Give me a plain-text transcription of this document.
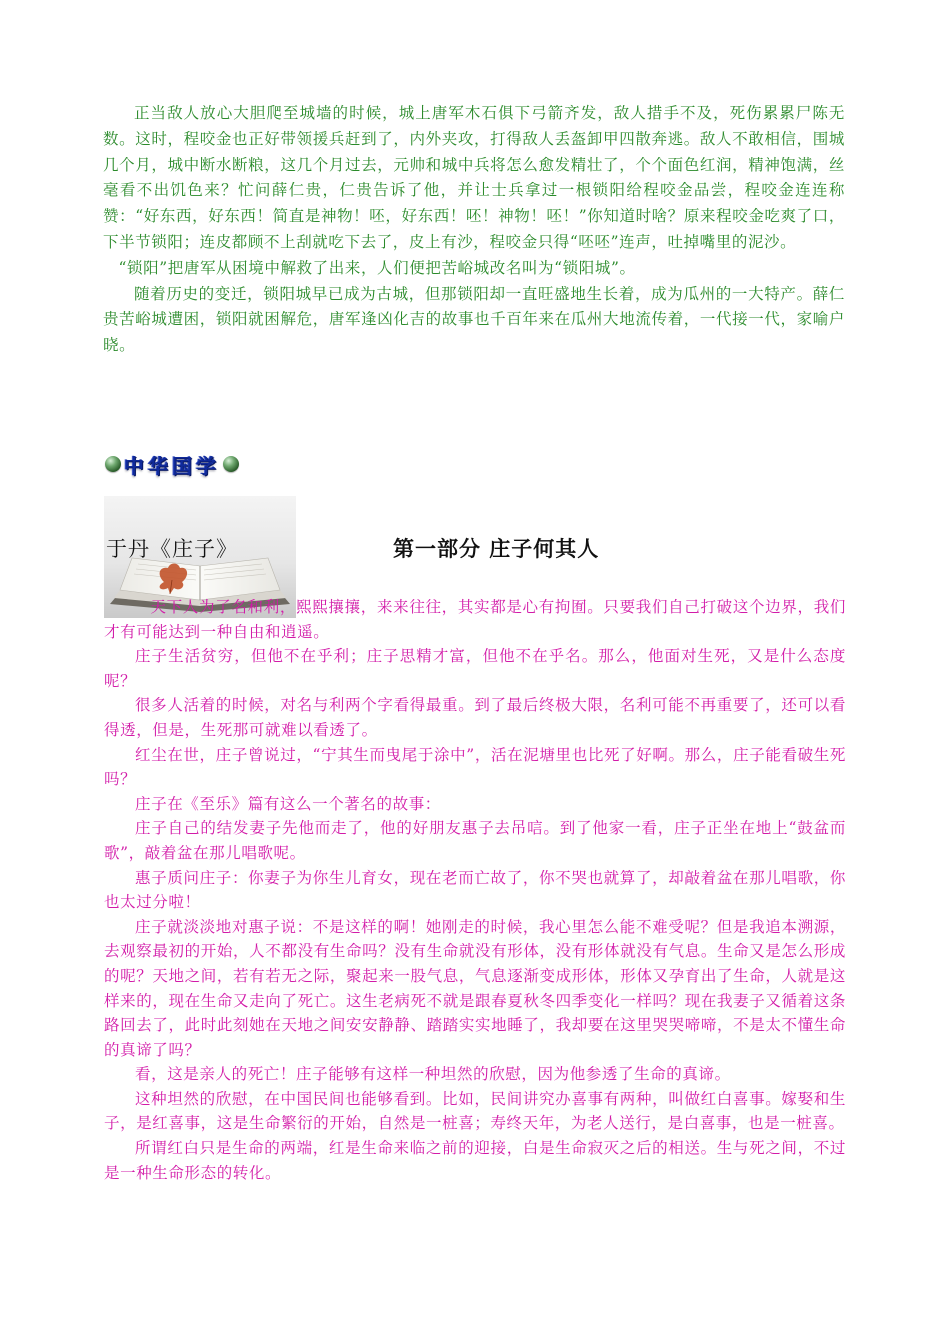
正当敌人放心大胆爬至城墙的时候，城上唐军木石俱下弓箭齐发，敌人措手不及，死伤累累尸陈无数。这时，程咬金也正好带领援兵赶到了，内外夹攻，打得敌人丢盔卸甲四散奔逃。敌人不敢相信，围城几个月，城中断水断粮，这几个月过去，元帅和城中兵将怎么愈发精壮了，个个面色红润，精神饱满，丝毫看不出饥色来？忙问薛仁贵，仁贵告诉了他，并让士兵拿过一根锁阳给程咬金品尝，程咬金连连称赞：“好东西，好东西！简直是神物！呸，好东西！呸！神物！呸！”你知道时啥？原来程咬金吃爽了口，下半节锁阳；连皮都顾不上刮就吃下去了，皮上有沙，程咬金只得“呸呸”连声，吐掉嘴里的泥沙。

“锁阳”把唐军从困境中解救了出来，人们便把苦峪城改名叫为“锁阳城”。

随着历史的变迁，锁阳城早已成为古城，但那锁阳却一直旺盛地生长着，成为瓜州的一大特产。薛仁贵苦峪城遭困，锁阳就困解危，唐军逢凶化吉的故事也千百年来在瓜州大地流传着，一代接一代，家喻户晓。

中华国学
于丹《庄子》	第一部分 庄子何其人

天下人为了名和利，熙熙攘攘，来来往往，其实都是心有拘囿。只要我们自己打破这个边界，我们才有可能达到一种自由和逍遥。

庄子生活贫穷，但他不在乎利；庄子思精才富，但他不在乎名。那么，他面对生死，又是什么态度呢？

很多人活着的时候，对名与利两个字看得最重。到了最后终极大限，名利可能不再重要了，还可以看得透，但是，生死那可就难以看透了。

红尘在世，庄子曾说过，“宁其生而曳尾于涂中”，活在泥塘里也比死了好啊。那么，庄子能看破生死吗？

庄子在《至乐》篇有这么一个著名的故事：

庄子自己的结发妻子先他而走了，他的好朋友惠子去吊唁。到了他家一看，庄子正坐在地上“鼓盆而歌”，敲着盆在那儿唱歌呢。

惠子质问庄子：你妻子为你生儿育女，现在老而亡故了，你不哭也就算了，却敲着盆在那儿唱歌，你也太过分啦！

庄子就淡淡地对惠子说：不是这样的啊！她刚走的时候，我心里怎么能不难受呢？但是我追本溯源，去观察最初的开始，人不都没有生命吗？没有生命就没有形体，没有形体就没有气息。生命又是怎么形成的呢？天地之间，若有若无之际，聚起来一股气息，气息逐渐变成形体，形体又孕育出了生命，人就是这样来的，现在生命又走向了死亡。这生老病死不就是跟春夏秋冬四季变化一样吗？现在我妻子又循着这条路回去了，此时此刻她在天地之间安安静静、踏踏实实地睡了，我却要在这里哭哭啼啼，不是太不懂生命的真谛了吗？

看，这是亲人的死亡！庄子能够有这样一种坦然的欣慰，因为他参透了生命的真谛。

这种坦然的欣慰，在中国民间也能够看到。比如，民间讲究办喜事有两种，叫做红白喜事。嫁娶和生子，是红喜事，这是生命繁衍的开始，自然是一桩喜；寿终天年，为老人送行，是白喜事，也是一桩喜。

所谓红白只是生命的两端，红是生命来临之前的迎接，白是生命寂灭之后的相送。生与死之间，不过是一种生命形态的转化。
